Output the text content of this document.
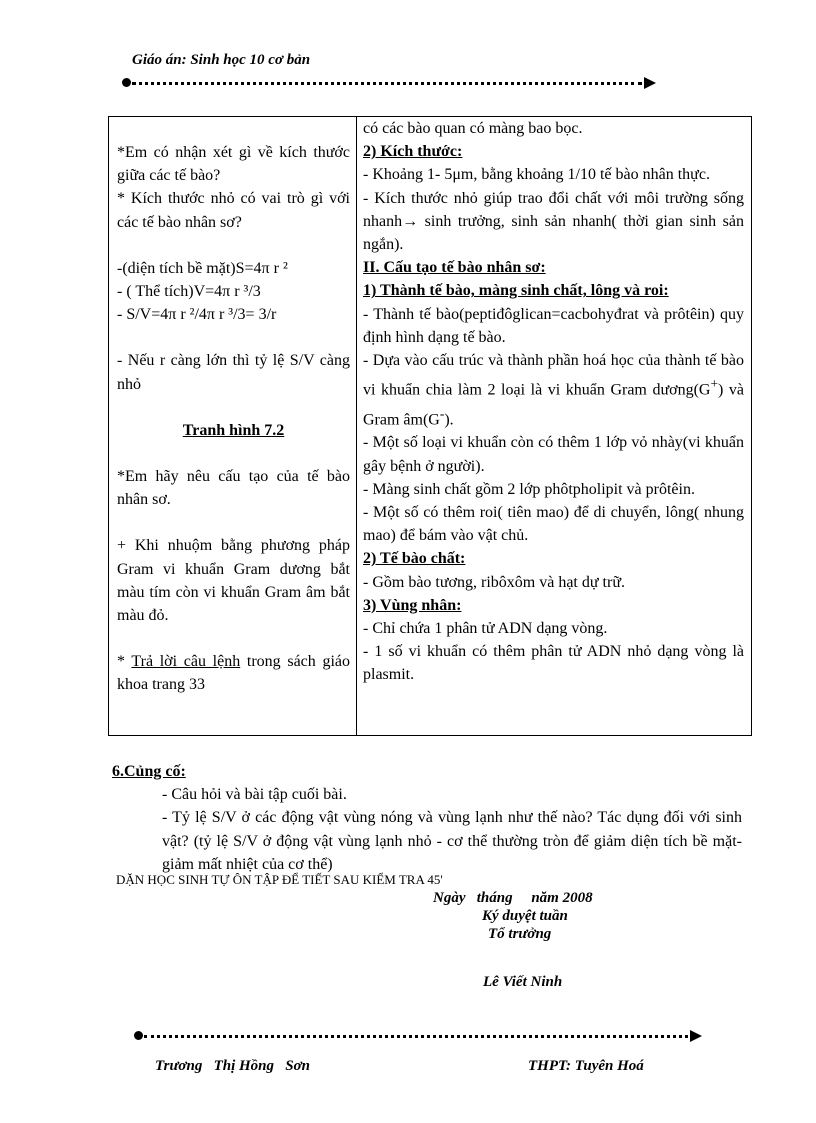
Giáo án: Sinh học 10 cơ bản

*Em có nhận xét gì về kích thước giữa các tế bào?

* Kích thước nhỏ có vai trò gì với các tế bào nhân sơ?

-(diện tích bề mặt)S=4π r ²

- ( Thể tích)V=4π r ³/3

- S/V=4π r ²/4π r ³/3= 3/r

- Nếu r càng lớn thì tỷ lệ S/V càng nhỏ

Tranh hình 7.2

*Em hãy nêu cấu tạo của tế bào nhân sơ.

+ Khi nhuộm bằng phương pháp Gram vi khuẩn Gram dương bắt màu tím còn vi khuẩn Gram âm bắt màu đỏ.

* Trả lời câu lệnh trong sách giáo khoa trang 33

có các bào quan có màng bao bọc.

2) Kích thước:

- Khoảng 1- 5μm, bằng khoảng 1/10 tế bào nhân thực.

- Kích thước nhỏ giúp trao đổi chất với môi trường sống nhanh→ sinh trưởng, sinh sản nhanh( thời gian sinh sản ngắn).

II. Cấu tạo tế bào nhân sơ:

1) Thành tế bào, màng sinh chất, lông và roi:

- Thành tế bào(peptiđôglican=cacbohyđrat và prôtêin) quy định hình dạng tế bào.

- Dựa vào cấu trúc và thành phần hoá học của thành tế bào vi khuẩn chia làm 2 loại là vi khuẩn Gram dương(G+) và Gram âm(G-).

- Một số loại vi khuẩn còn có thêm 1 lớp vỏ nhày(vi khuẩn gây bệnh ở người).

- Màng sinh chất gồm 2 lớp phôtpholipit và prôtêin.

- Một số có thêm roi( tiên mao) để di chuyển, lông( nhung mao) để bám vào vật chủ.

2) Tế bào chất:

- Gồm bào tương, ribôxôm và hạt dự trữ.

3) Vùng nhân:

- Chỉ chứa 1 phân tử ADN dạng vòng.

- 1 số vi khuẩn có thêm phân tử ADN nhỏ dạng vòng là plasmit.

6.Củng cố:

- Câu hỏi và bài tập cuối bài.

- Tỷ lệ S/V ở các động vật vùng nóng và vùng lạnh như thế nào? Tác dụng đối với sinh vật? (tỷ lệ S/V ở động vật vùng lạnh nhỏ - cơ thể thường tròn để giảm diện tích bề mặt- giảm mất nhiệt của cơ thể)

DẶN HỌC SINH TỰ ÔN TẬP ĐỂ TIẾT SAU KIỂM TRA 45'
Ngày   tháng     năm 2008
Ký duyệt tuần
Tổ trưởng
Lê Viết Ninh
Trương   Thị Hồng   Sơn	THPT: Tuyên Hoá
